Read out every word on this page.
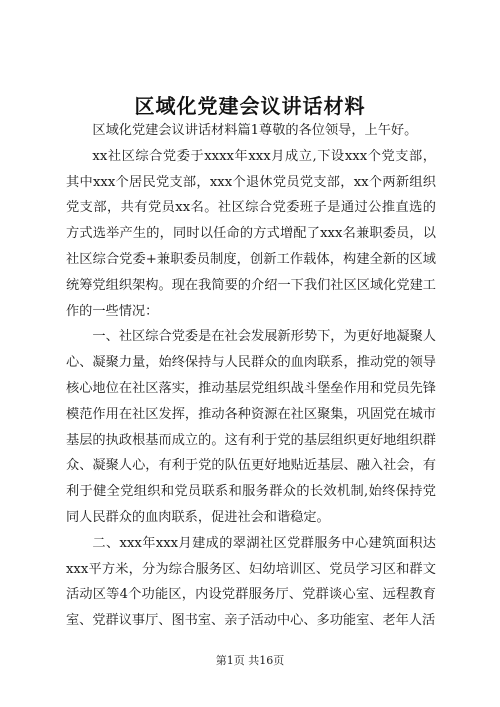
区域化党建会议讲话材料

区域化党建会议讲话材料篇1尊敬的各位领导，上午好。

xx社区综合党委于xxxx年xxx月成立,下设xxx个党支部，其中xxx个居民党支部，xxx个退休党员党支部，xx个两新组织党支部，共有党员xx名。社区综合党委班子是通过公推直选的方式选举产生的，同时以任命的方式增配了xxx名兼职委员，以社区综合党委+兼职委员制度，创新工作载体，构建全新的区域统筹党组织架构。现在我简要的介绍一下我们社区区域化党建工作的一些情况：

一、社区综合党委是在社会发展新形势下，为更好地凝聚人心、凝聚力量，始终保持与人民群众的血肉联系，推动党的领导核心地位在社区落实，推动基层党组织战斗堡垒作用和党员先锋模范作用在社区发挥，推动各种资源在社区聚集，巩固党在城市基层的执政根基而成立的。这有利于党的基层组织更好地组织群众、凝聚人心，有利于党的队伍更好地贴近基层、融入社会，有利于健全党组织和党员联系和服务群众的长效机制,始终保持党同人民群众的血肉联系，促进社会和谐稳定。

二、xxx年xxx月建成的翠湖社区党群服务中心建筑面积达xxx平方米，分为综合服务区、妇幼培训区、党员学习区和群文活动区等4个功能区，内设党群服务厅、党群谈心室、远程教育室、党群议事厅、图书室、亲子活动中心、多功能室、老年人活

第1页 共16页
